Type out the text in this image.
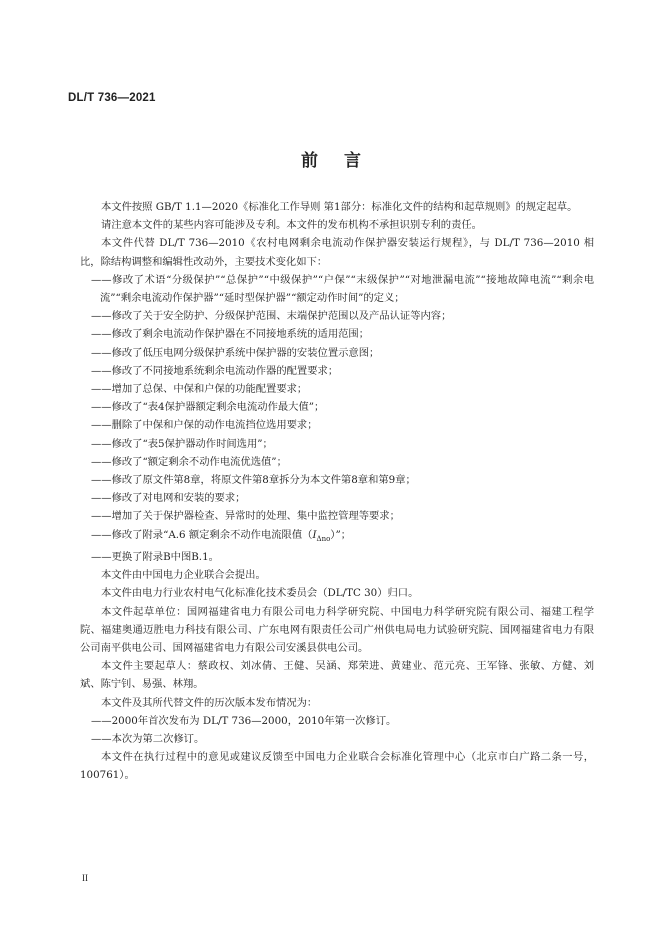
DL/T 736—2021
前言

本文件按照 GB/T 1.1—2020《标准化工作导则 第1部分：标准化文件的结构和起草规则》的规定起草。

请注意本文件的某些内容可能涉及专利。本文件的发布机构不承担识别专利的责任。

本文件代替 DL/T 736—2010《农村电网剩余电流动作保护器安装运行规程》，与 DL/T 736—2010 相比，除结构调整和编辑性改动外，主要技术变化如下：

——修改了术语“分级保护”“总保护”“中级保护”“户保”“末级保护”“对地泄漏电流”“接地故障电流”“剩余电流”“剩余电流动作保护器”“延时型保护器”“额定动作时间”的定义；

——修改了关于安全防护、分级保护范围、末端保护范围以及产品认证等内容；

——修改了剩余电流动作保护器在不同接地系统的适用范围；

——修改了低压电网分级保护系统中保护器的安装位置示意图；

——修改了不同接地系统剩余电流动作器的配置要求；

——增加了总保、中保和户保的功能配置要求；

——修改了“表4保护器额定剩余电流动作最大值”；

——删除了中保和户保的动作电流挡位选用要求；

——修改了“表5保护器动作时间选用”；

——修改了“额定剩余不动作电流优选值”；

——修改了原文件第8章，将原文件第8章拆分为本文件第8章和第9章；

——修改了对电网和安装的要求；

——增加了关于保护器检查、异常时的处理、集中监控管理等要求；

——修改了附录“A.6 额定剩余不动作电流限值$(I_{\Delta no})$”；

——更换了附录B中图B.1。

本文件由中国电力企业联合会提出。

本文件由电力行业农村电气化标准化技术委员会（DL/TC 30）归口。

本文件起草单位：国网福建省电力有限公司电力科学研究院、中国电力科学研究院有限公司、福建工程学院、福建奥通迈胜电力科技有限公司、广东电网有限责任公司广州供电局电力试验研究院、国网福建省电力有限公司南平供电公司、国网福建省电力有限公司安溪县供电公司。

本文件主要起草人：蔡政权、刘冰倩、王健、吴涵、郑荣进、黄建业、范元亮、王军锋、张敏、方健、刘斌、陈宁钊、易强、林翔。

本文件及其所代替文件的历次版本发布情况为：

——2000年首次发布为 DL/T 736—2000，2010年第一次修订。

——本次为第二次修订。

本文件在执行过程中的意见或建议反馈至中国电力企业联合会标准化管理中心（北京市白广路二条一号，100761）。

II
